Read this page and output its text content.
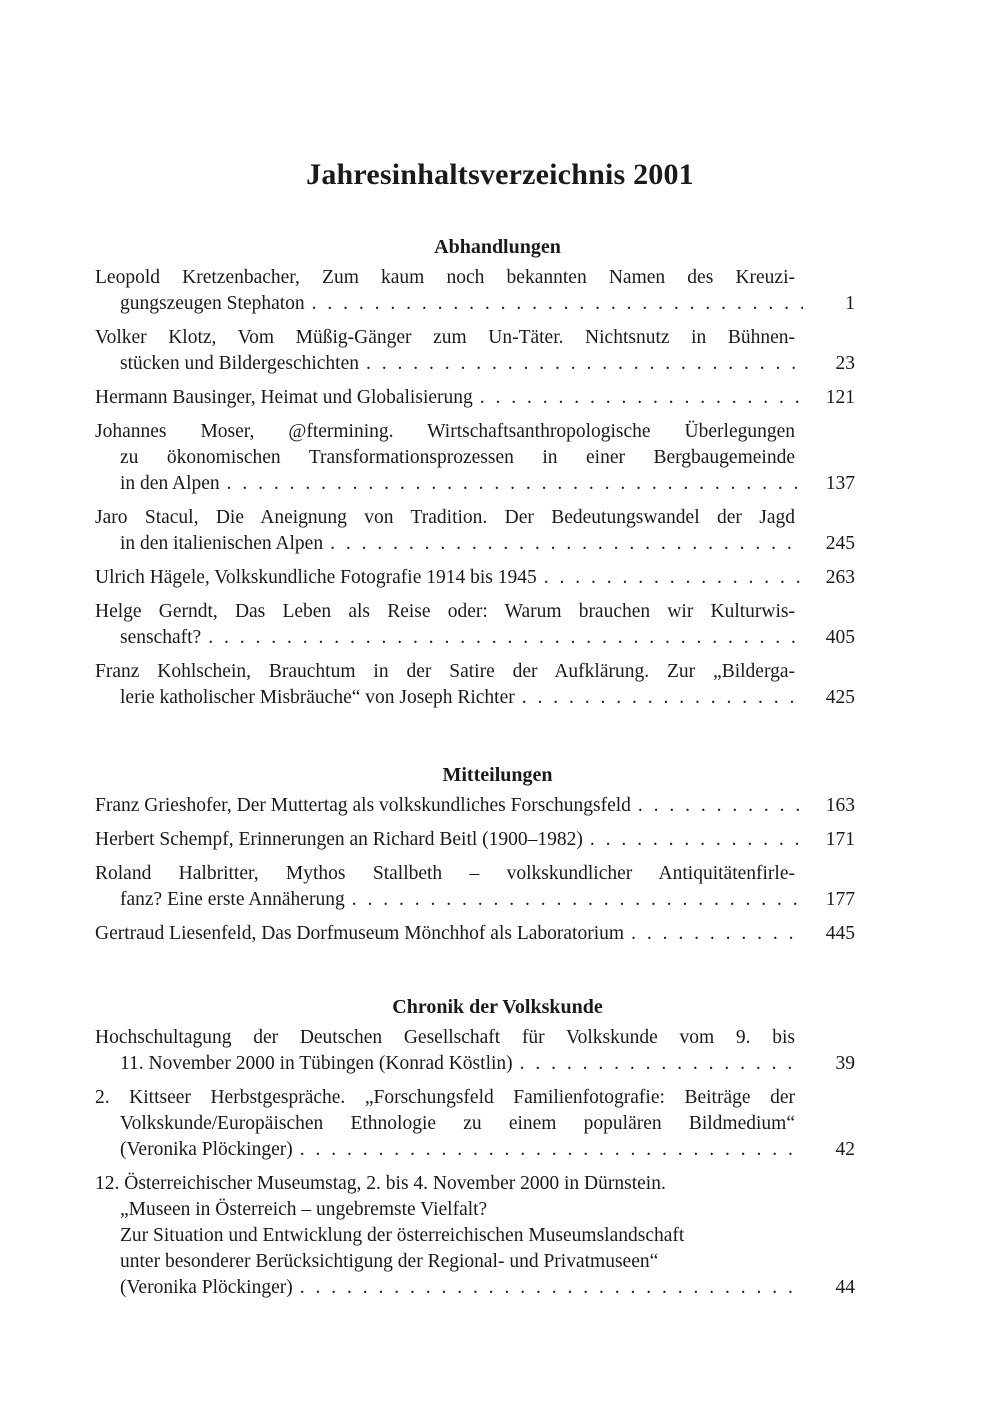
Jahresinhaltsverzeichnis 2001
Abhandlungen
Leopold Kretzenbacher, Zum kaum noch bekannten Namen des Kreuzi-
gungszeugen Stephaton . . .	1
Volker Klotz, Vom Müßig-Gänger zum Un-Täter. Nichtsnutz in Bühnen-
stücken und Bildergeschichten . . .	23
Hermann Bausinger, Heimat und Globalisierung . . .	121
Johannes Moser, @ftermining. Wirtschaftsanthropologische Überlegungen
zu ökonomischen Transformationsprozessen in einer Bergbaugemeinde
in den Alpen . . .	137
Jaro Stacul, Die Aneignung von Tradition. Der Bedeutungswandel der Jagd
in den italienischen Alpen . . .	245
Ulrich Hägele, Volkskundliche Fotografie 1914 bis 1945 . . .	263
Helge Gerndt, Das Leben als Reise oder: Warum brauchen wir Kulturwis-
senschaft? . . .	405
Franz Kohlschein, Brauchtum in der Satire der Aufklärung. Zur „Bilderga-
lerie katholischer Misbräuche“ von Joseph Richter . . .	425
Mitteilungen
Franz Grieshofer, Der Muttertag als volkskundliches Forschungsfeld . . .	163
Herbert Schempf, Erinnerungen an Richard Beitl (1900–1982) . . .	171
Roland Halbritter, Mythos Stallbeth – volkskundlicher Antiquitätenfirle-
fanz? Eine erste Annäherung . . .	177
Gertraud Liesenfeld, Das Dorfmuseum Mönchhof als Laboratorium . . .	445
Chronik der Volkskunde
Hochschultagung der Deutschen Gesellschaft für Volkskunde vom 9. bis
11. November 2000 in Tübingen (Konrad Köstlin) . . .	39
2. Kittseer Herbstgespräche. „Forschungsfeld Familienfotografie: Beiträge der
Volkskunde/Europäischen Ethnologie zu einem populären Bildmedium“
(Veronika Plöckinger) . . .	42
12. Österreichischer Museumstag, 2. bis 4. November 2000 in Dürnstein.
„Museen in Österreich – ungebremste Vielfalt?
Zur Situation und Entwicklung der österreichischen Museumslandschaft
unter besonderer Berücksichtigung der Regional- und Privatmuseen“
(Veronika Plöckinger) . . .	44
